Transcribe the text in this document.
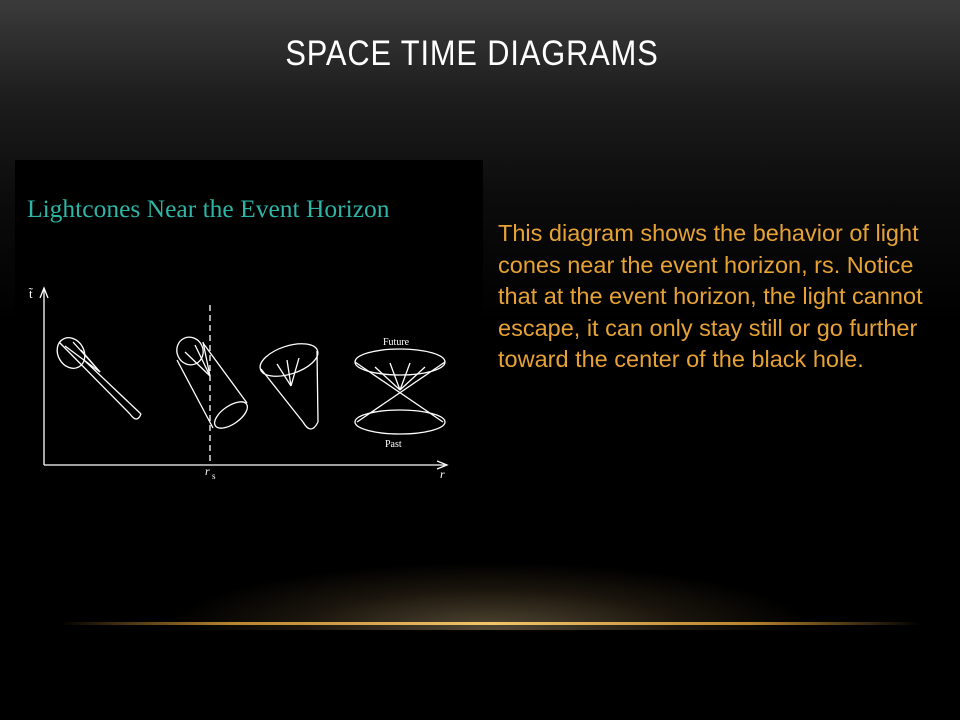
SPACE TIME DIAGRAMS
Lightcones Near the Event Horizon
t̃
r
r s
Future
Past
This diagram shows the behavior of light cones near the event horizon, rs. Notice that at the event horizon, the light cannot escape, it can only stay still or go further toward the center of the black hole.
